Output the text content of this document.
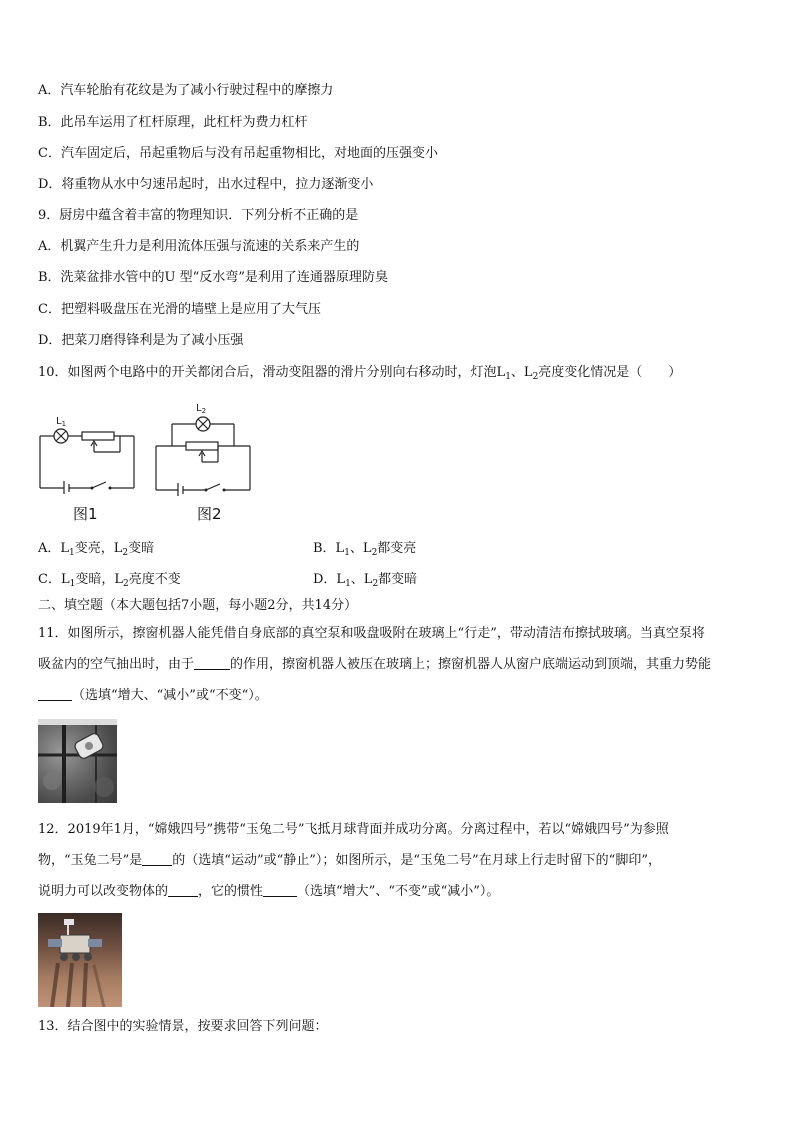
A．汽车轮胎有花纹是为了减小行驶过程中的摩擦力
B．此吊车运用了杠杆原理，此杠杆为费力杠杆
C．汽车固定后，吊起重物后与没有吊起重物相比，对地面的压强变小
D．将重物从水中匀速吊起时，出水过程中，拉力逐渐变小
9．厨房中蕴含着丰富的物理知识．下列分析不正确的是
A．机翼产生升力是利用流体压强与流速的关系来产生的
B．洗菜盆排水管中的U 型“反水弯”是利用了连通器原理防臭
C．把塑料吸盘压在光滑的墙壁上是应用了大气压
D．把菜刀磨得锋利是为了减小压强
10．如图两个电路中的开关都闭合后，滑动变阻器的滑片分别向右移动时，灯泡$L_1$、$L_2$亮度变化情况是（　　）
$L_1$
图1
$L_2$
图2
A．$L_1$变亮，$L_2$变暗	B．$L_1$、$L_2$都变亮
C．$L_1$变暗，$L_2$亮度不变	D．$L_1$、$L_2$都变暗
二、填空题（本大题包括7小题，每小题2分，共14分）
11．如图所示，擦窗机器人能凭借自身底部的真空泵和吸盘吸附在玻璃上“行走”，带动清洁布擦拭玻璃。当真空泵将
吸盆内的空气抽出时，由于	的作用，擦窗机器人被压在玻璃上；擦窗机器人从窗户底端运动到顶端，其重力势能
（选填“增大、“减小”或“不变“）。
12．2019年1月，“嫦娥四号”携带“玉兔二号”飞抵月球背面并成功分离。分离过程中，若以“嫦娥四号”为参照
物，“玉兔二号”是 的（选填“运动”或“静止”）；如图所示，是“玉兔二号”在月球上行走时留下的“脚印”，
说明力可以改变物体的 ，它的惯性	（选填“增大”、“不变”或“减小”）。
13．结合图中的实验情景，按要求回答下列问题：
